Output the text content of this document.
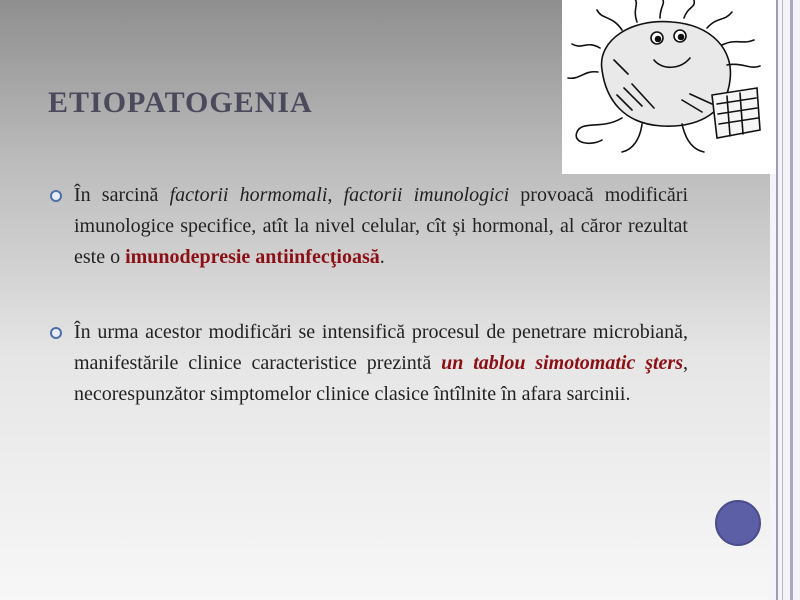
ETIOPATOGENIA

În sarcină factorii hormomali, factorii imunologici provoacă modificări imunologice specifice, atît la nivel celular, cît și hormonal, al căror rezultat este o imunodepresie antiinfecţioasă.

În urma acestor modificări se intensifică procesul de penetrare microbiană, manifestările clinice caracteristice prezintă un tablou simotomatic şters, necorespunzător simptomelor clinice clasice întîlnite în afara sarcinii.
